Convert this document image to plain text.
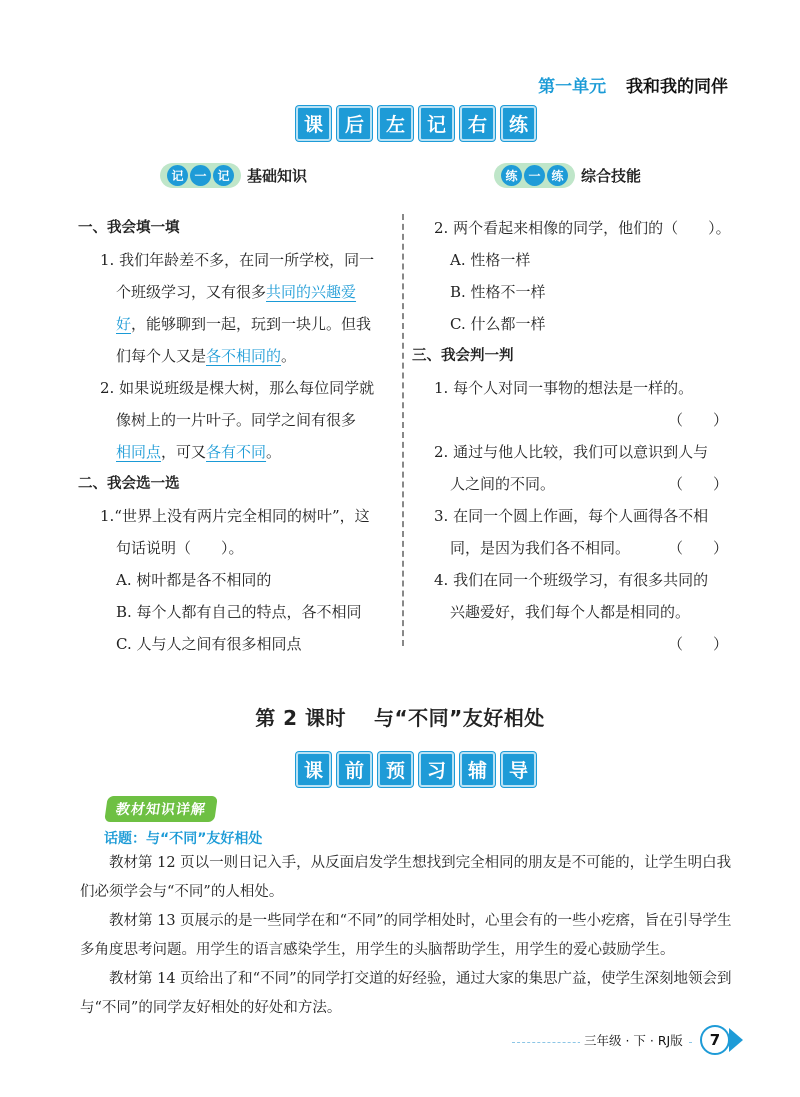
第一单元 我和我的同伴
课	后	左	记	右	练
记 一 记	基础知识	练 一 练	综合技能
一、我会填一填
1. 我们年龄差不多，在同一所学校，同一
个班级学习，又有很多共同的兴趣爱
好，能够聊到一起，玩到一块儿。但我
们每个人又是各不相同的。
2. 如果说班级是棵大树，那么每位同学就
像树上的一片叶子。同学之间有很多
相同点，可又各有不同。
二、我会选一选
1.“世界上没有两片完全相同的树叶”，这
句话说明（　　）。
A. 树叶都是各不相同的
B. 每个人都有自己的特点，各不相同
C. 人与人之间有很多相同点
2. 两个看起来相像的同学，他们的（　　）。
A. 性格一样
B. 性格不一样
C. 什么都一样
三、我会判一判
1. 每个人对同一事物的想法是一样的。
（　　）
2. 通过与他人比较，我们可以意识到人与
人之间的不同。	（　　）
3. 在同一个圆上作画，每个人画得各不相
同，是因为我们各不相同。	（　　）
4. 我们在同一个班级学习，有很多共同的
兴趣爱好，我们每个人都是相同的。
（　　）
第 2 课时　 与“不同”友好相处
课	前	预	习	辅	导
教材知识详解
话题：与“不同”友好相处
教材第 12 页以一则日记入手，从反面启发学生想找到完全相同的朋友是不可能的，让学生明白我们必须学会与“不同”的人相处。
教材第 13 页展示的是一些同学在和“不同”的同学相处时，心里会有的一些小疙瘩，旨在引导学生多角度思考问题。用学生的语言感染学生，用学生的头脑帮助学生，用学生的爱心鼓励学生。
教材第 14 页给出了和“不同”的同学打交道的好经验，通过大家的集思广益，使学生深刻地领会到与“不同”的同学友好相处的好处和方法。
三年级 · 下 · RJ版	7
